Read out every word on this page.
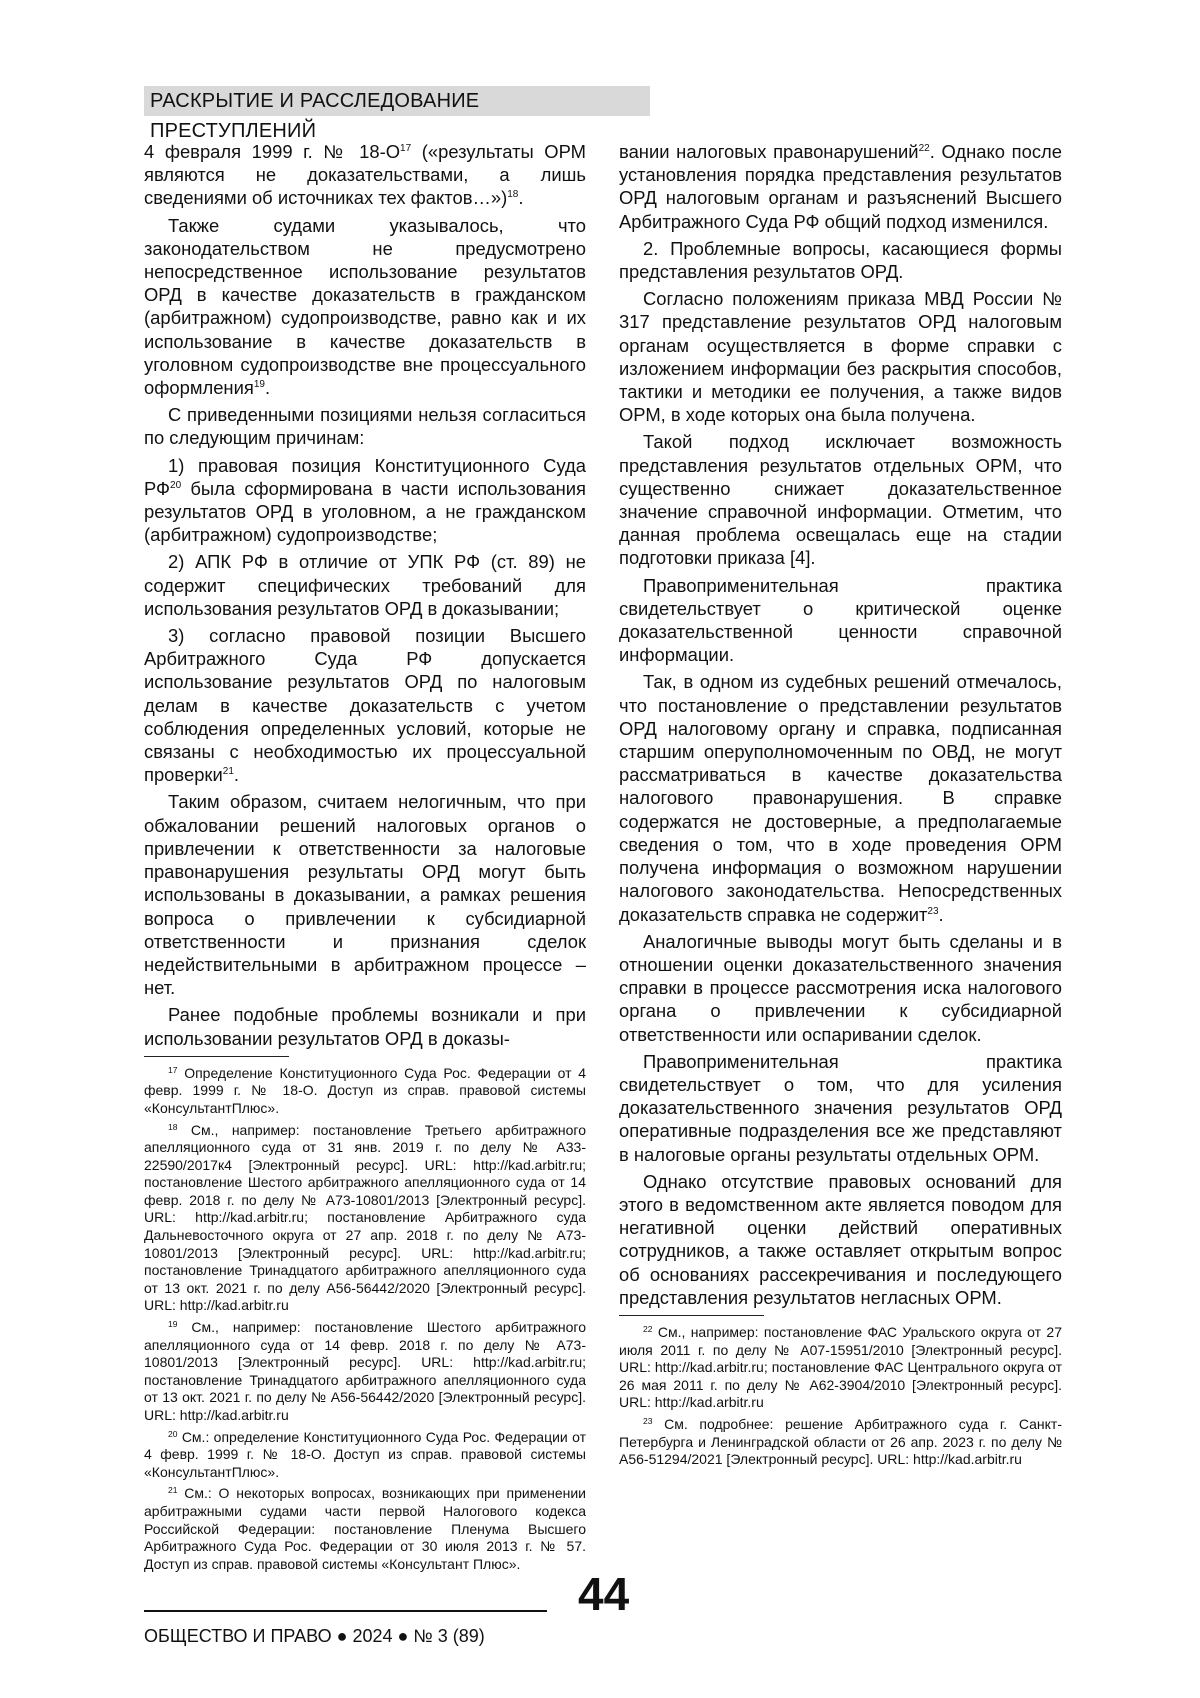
РАСКРЫТИЕ И РАССЛЕДОВАНИЕ ПРЕСТУПЛЕНИЙ

4 февраля 1999 г. № 18-О17 («результаты ОРМ являются не доказательствами, а лишь сведениями об источниках тех фактов…»)18.

Также судами указывалось, что законодательством не предусмотрено непосредственное использование результатов ОРД в качестве доказательств в гражданском (арбитражном) судопроизводстве, равно как и их использование в качестве доказательств в уголовном судопроизводстве вне процессуального оформления19.

С приведенными позициями нельзя согласиться по следующим причинам:

1) правовая позиция Конституционного Суда РФ20 была сформирована в части использования результатов ОРД в уголовном, а не гражданском (арбитражном) судопроизводстве;

2) АПК РФ в отличие от УПК РФ (ст. 89) не содержит специфических требований для использования результатов ОРД в доказывании;

3) согласно правовой позиции Высшего Арбитражного Суда РФ допускается использование результатов ОРД по налоговым делам в качестве доказательств с учетом соблюдения определенных условий, которые не связаны с необходимостью их процессуальной проверки21.

Таким образом, считаем нелогичным, что при обжаловании решений налоговых органов о привлечении к ответственности за налоговые правонарушения результаты ОРД могут быть использованы в доказывании, а рамках решения вопроса о привлечении к субсидиарной ответственности и признания сделок недействительными в арбитражном процессе – нет.

Ранее подобные проблемы возникали и при использовании результатов ОРД в доказы-

17 Определение Конституционного Суда Рос. Федерации от 4 февр. 1999 г. № 18-О. Доступ из справ. правовой системы «КонсультантПлюс».

18 См., например: постановление Третьего арбитражного апелляционного суда от 31 янв. 2019 г. по делу № А33-22590/2017к4 [Электронный ресурс]. URL: http://kad.arbitr.ru; постановление Шестого арбитражного апелляционного суда от 14 февр. 2018 г. по делу № А73-10801/2013 [Электронный ресурс]. URL: http://kad.arbitr.ru; постановление Арбитражного суда Дальневосточного округа от 27 апр. 2018 г. по делу № А73-10801/2013 [Электронный ресурс]. URL: http://kad.arbitr.ru; постановление Тринадцатого арбитражного апелляционного суда от 13 окт. 2021 г. по делу А56-56442/2020 [Электронный ресурс]. URL: http://kad.arbitr.ru

19 См., например: постановление Шестого арбитражного апелляционного суда от 14 февр. 2018 г. по делу № А73-10801/2013 [Электронный ресурс]. URL: http://kad.arbitr.ru; постановление Тринадцатого арбитражного апелляционного суда от 13 окт. 2021 г. по делу № А56-56442/2020 [Электронный ресурс]. URL: http://kad.arbitr.ru

20 См.: определение Конституционного Суда Рос. Федерации от 4 февр. 1999 г. № 18-О. Доступ из справ. правовой системы «КонсультантПлюс».

21 См.: О некоторых вопросах, возникающих при применении арбитражными судами части первой Налогового кодекса Российской Федерации: постановление Пленума Высшего Арбитражного Суда Рос. Федерации от 30 июля 2013 г. № 57. Доступ из справ. правовой системы «Консультант Плюс».

вании налоговых правонарушений22. Однако после установления порядка представления результатов ОРД налоговым органам и разъяснений Высшего Арбитражного Суда РФ общий подход изменился.

2. Проблемные вопросы, касающиеся формы представления результатов ОРД.

Согласно положениям приказа МВД России № 317 представление результатов ОРД налоговым органам осуществляется в форме справки с изложением информации без раскрытия способов, тактики и методики ее получения, а также видов ОРМ, в ходе которых она была получена.

Такой подход исключает возможность представления результатов отдельных ОРМ, что существенно снижает доказательственное значение справочной информации. Отметим, что данная проблема освещалась еще на стадии подготовки приказа [4].

Правоприменительная практика свидетельствует о критической оценке доказательственной ценности справочной информации.

Так, в одном из судебных решений отмечалось, что постановление о представлении результатов ОРД налоговому органу и справка, подписанная старшим оперуполномоченным по ОВД, не могут рассматриваться в качестве доказательства налогового правонарушения. В справке содержатся не достоверные, а предполагаемые сведения о том, что в ходе проведения ОРМ получена информация о возможном нарушении налогового законодательства. Непосредственных доказательств справка не содержит23.

Аналогичные выводы могут быть сделаны и в отношении оценки доказательственного значения справки в процессе рассмотрения иска налогового органа о привлечении к субсидиарной ответственности или оспаривании сделок.

Правоприменительная практика свидетельствует о том, что для усиления доказательственного значения результатов ОРД оперативные подразделения все же представляют в налоговые органы результаты отдельных ОРМ.

Однако отсутствие правовых оснований для этого в ведомственном акте является поводом для негативной оценки действий оперативных сотрудников, а также оставляет открытым вопрос об основаниях рассекречивания и последующего представления результатов негласных ОРМ.

22 См., например: постановление ФАС Уральского округа от 27 июля 2011 г. по делу № А07-15951/2010 [Электронный ресурс]. URL: http://kad.arbitr.ru; постановление ФАС Центрального округа от 26 мая 2011 г. по делу № А62-3904/2010 [Электронный ресурс]. URL: http://kad.arbitr.ru

23 См. подробнее: решение Арбитражного суда г. Санкт-Петербурга и Ленинградской области от 26 апр. 2023 г. по делу № А56-51294/2021 [Электронный ресурс]. URL: http://kad.arbitr.ru

ОБЩЕСТВО И ПРАВО ● 2024 ● № 3 (89)
44
